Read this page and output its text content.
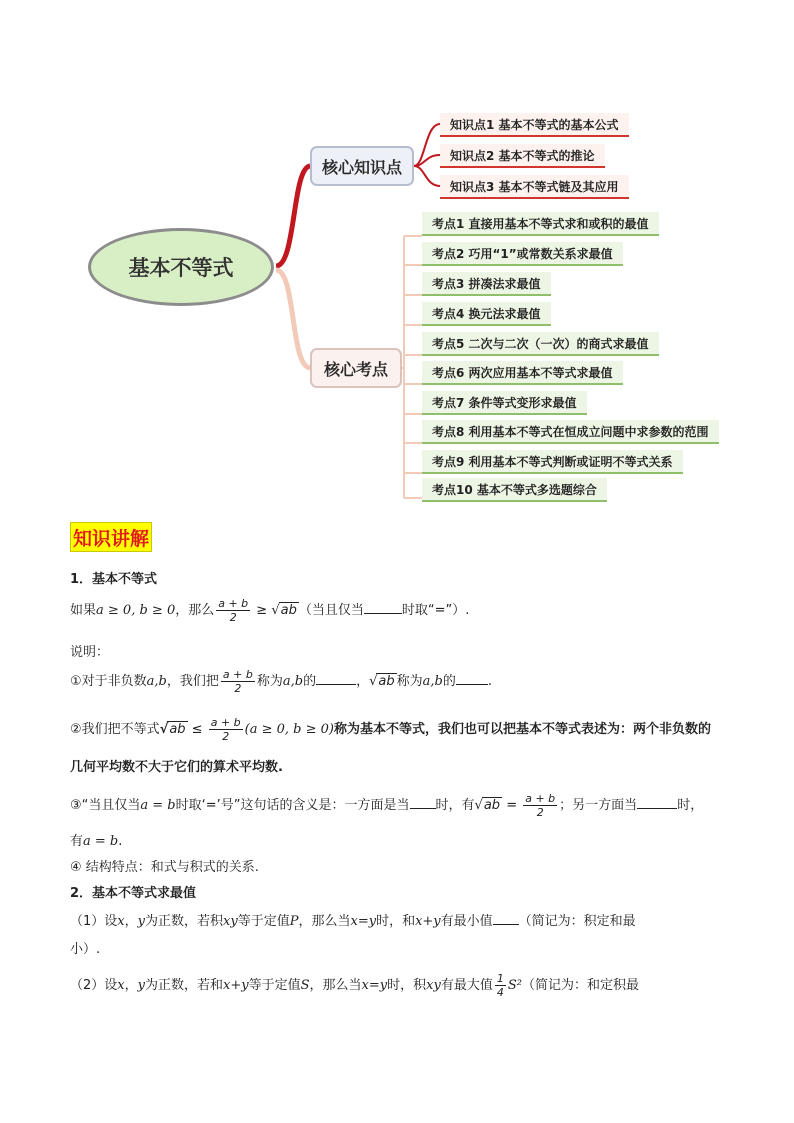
基本不等式
核心知识点
核心考点
知识点1 基本不等式的基本公式
知识点2 基本不等式的推论
知识点3 基本不等式链及其应用
考点1 直接用基本不等式求和或积的最值
考点2 巧用“1”或常数关系求最值
考点3 拼凑法求最值
考点4 换元法求最值
考点5 二次与二次（一次）的商式求最值
考点6 两次应用基本不等式求最值
考点7 条件等式变形求最值
考点8 利用基本不等式在恒成立问题中求参数的范围
考点9 利用基本不等式判断或证明不等式关系
考点10 基本不等式多选题综合
知识讲解
1．基本不等式
如果a ≥ 0, b ≥ 0，那么 $\frac{a + b}{2} \ge √ab$ （当且仅当	时取“=”）.
说明：
①对于非负数a,b，我们把 $\frac{a + b}{2}$ 称为a,b的	，√ab 称为a,b的 .
②我们把不等式$√ab \le \frac{a + b}{2} (a \ge 0$, b ≥ 0)称为基本不等式，我们也可以把基本不等式表述为：两个非负数的
几何平均数不大于它们的算术平均数.
③“当且仅当a = b时取‘=’号”这句话的含义是：一方面是当 时，有$√ab = \frac{a + b}{2}$ ；另一方面当	时，
有a = b.
④ 结构特点：和式与积式的关系.
2．基本不等式求最值
（1）设x，y为正数，若积xy等于定值P，那么当x=y时，和x+y有最小值 （简记为：积定和最
小）.
（2）设x，y为正数，若和x+y等于定值S，那么当x=y时，积xy有最大值 $\frac{1}{4} S^2$（简记为：和定积最
